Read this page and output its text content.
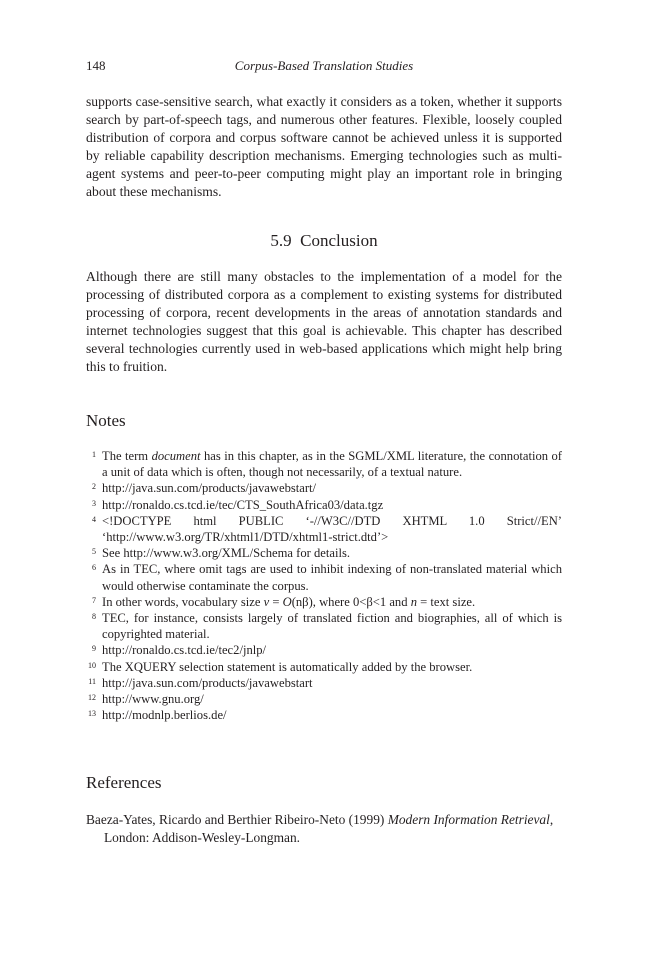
148	Corpus-Based Translation Studies

supports case-sensitive search, what exactly it considers as a token, whether it supports search by part-of-speech tags, and numerous other features. Flexible, loosely coupled distribution of corpora and corpus software cannot be achieved unless it is supported by reliable capability description mechanisms. Emerging technologies such as multi-agent systems and peer-to-peer computing might play an important role in bringing about these mechanisms.

5.9 Conclusion

Although there are still many obstacles to the implementation of a model for the processing of distributed corpora as a complement to existing systems for distributed processing of corpora, recent developments in the areas of annotation standards and internet technologies suggest that this goal is achievable. This chapter has described several technologies currently used in web-based applications which might help bring this to fruition.

Notes
1 The term document has in this chapter, as in the SGML/XML literature, the connotation of a unit of data which is often, though not necessarily, of a textual nature.
2 http://java.sun.com/products/javawebstart/
3 http://ronaldo.cs.tcd.ie/tec/CTS_SouthAfrica03/data.tgz
4 <!DOCTYPE html PUBLIC ‘-//W3C//DTD XHTML 1.0 Strict//EN’ ‘http://www.w3.org/TR/xhtml1/DTD/xhtml1-strict.dtd’>
5 See http://www.w3.org/XML/Schema for details.
6 As in TEC, where omit tags are used to inhibit indexing of non-translated material which would otherwise contaminate the corpus.
7 In other words, vocabulary size v = O(nβ), where 0<β<1 and n = text size.
8 TEC, for instance, consists largely of translated fiction and biographies, all of which is copyrighted material.
9 http://ronaldo.cs.tcd.ie/tec2/jnlp/
10 The XQUERY selection statement is automatically added by the browser.
11 http://java.sun.com/products/javawebstart
12 http://www.gnu.org/
13 http://modnlp.berlios.de/
References

Baeza-Yates, Ricardo and Berthier Ribeiro-Neto (1999) Modern Information Retrieval, London: Addison-Wesley-Longman.
